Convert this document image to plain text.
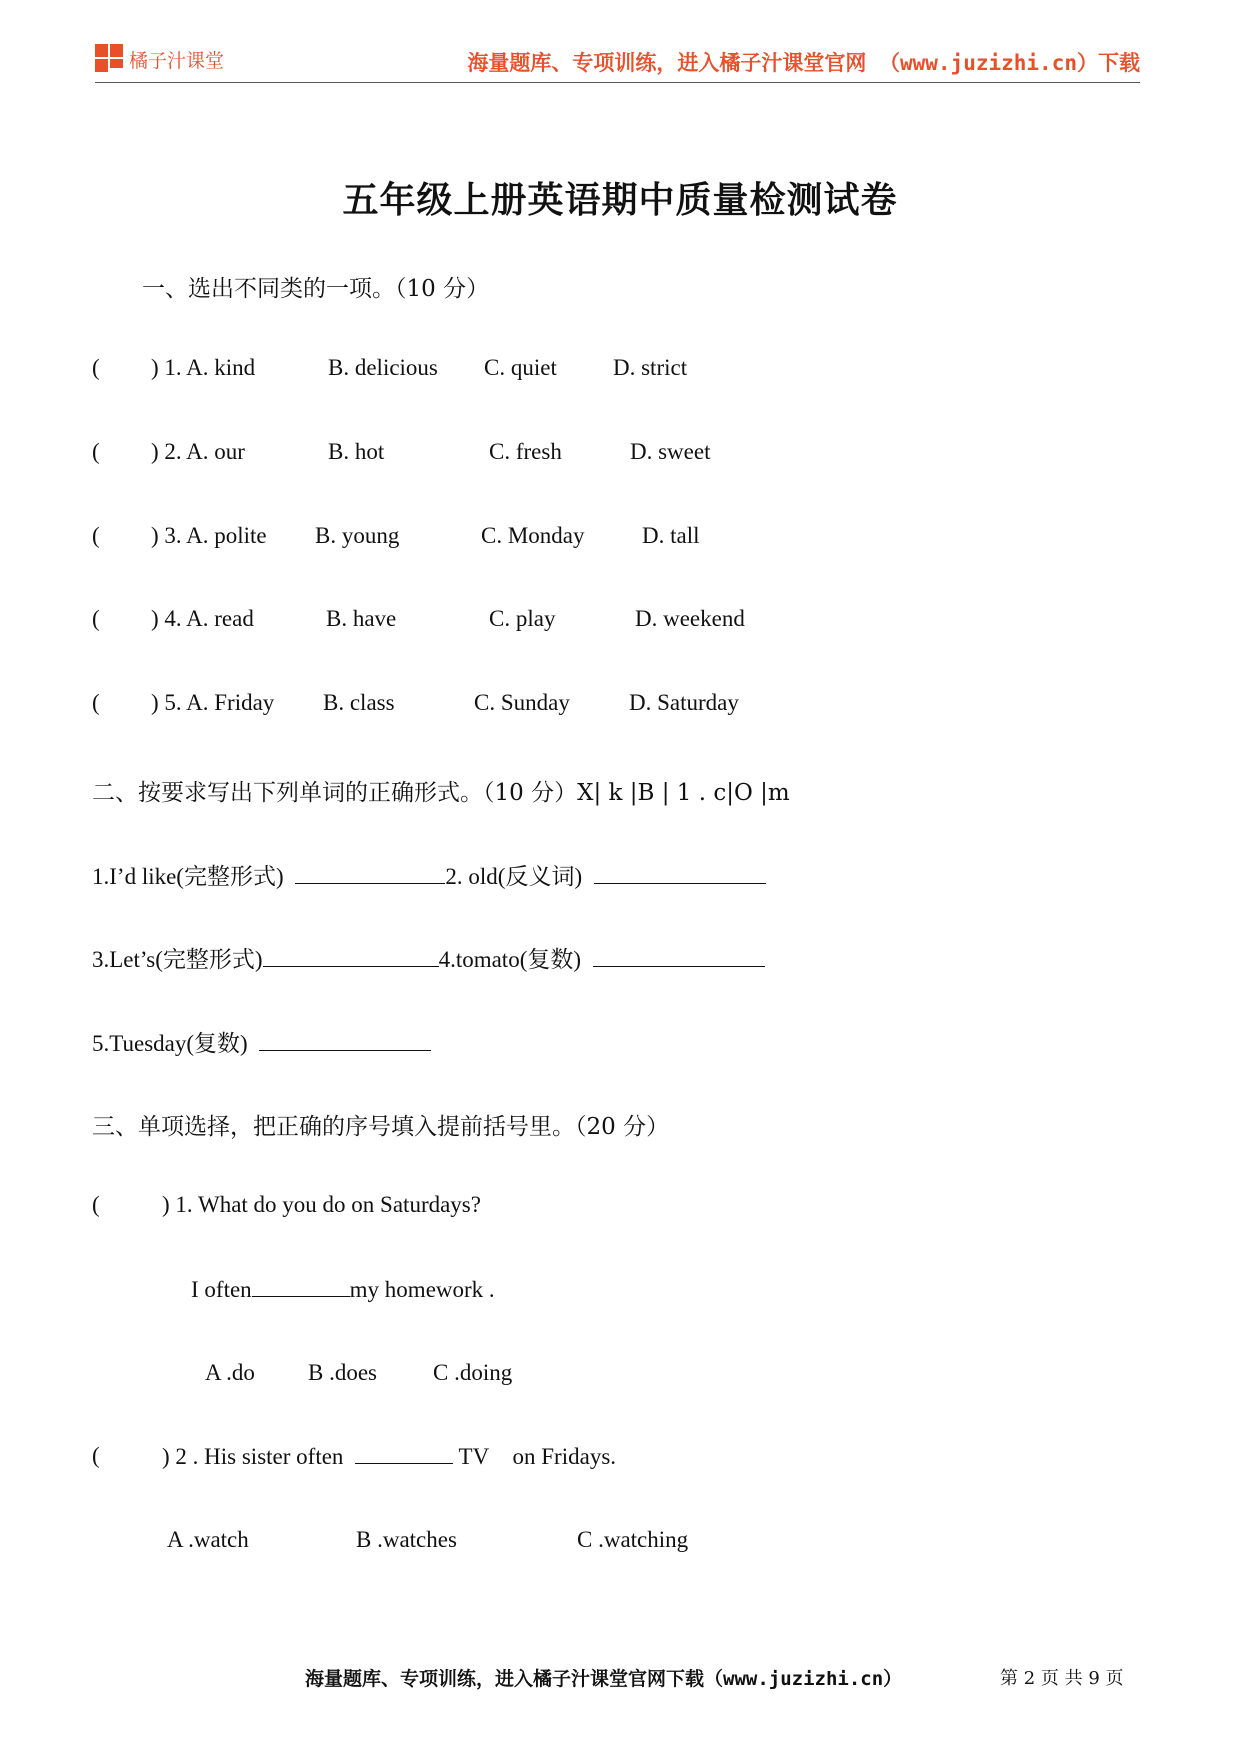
橘子汁课堂	海量题库、专项训练，进入橘子汁课堂官网 （www.juzizhi.cn）下载
五年级上册英语期中质量检测试卷
一、选出不同类的一项。（10 分）
( ) 1. A. kind	B. delicious C. quiet D. strict
( ) 2. A. our	B. hot	C. fresh	D. sweet
( ) 3. A. polite B. young	C. Monday	D. tall
( ) 4. A. read	B. have	C. play	D. weekend
( ) 5. A. Friday B. class	C. Sunday	D. Saturday
二、按要求写出下列单词的正确形式。（10 分）X| k |B | 1 . c|O |m
1.I’d like(完整形式)	2. old(反义词)
3.Let’s(完整形式)	4.tomato(复数)
5.Tuesday(复数)
三、单项选择，把正确的序号填入提前括号里。（20 分）
(	) 1. What do you do on Saturdays?
I often	my homework .
A .do B .does C .doing
(	) 2 . His sister often	TV on Fridays.
A .watch	B .watches	C .watching
海量题库、专项训练，进入橘子汁课堂官网下载（www.juzizhi.cn）	第 2 页 共 9 页
